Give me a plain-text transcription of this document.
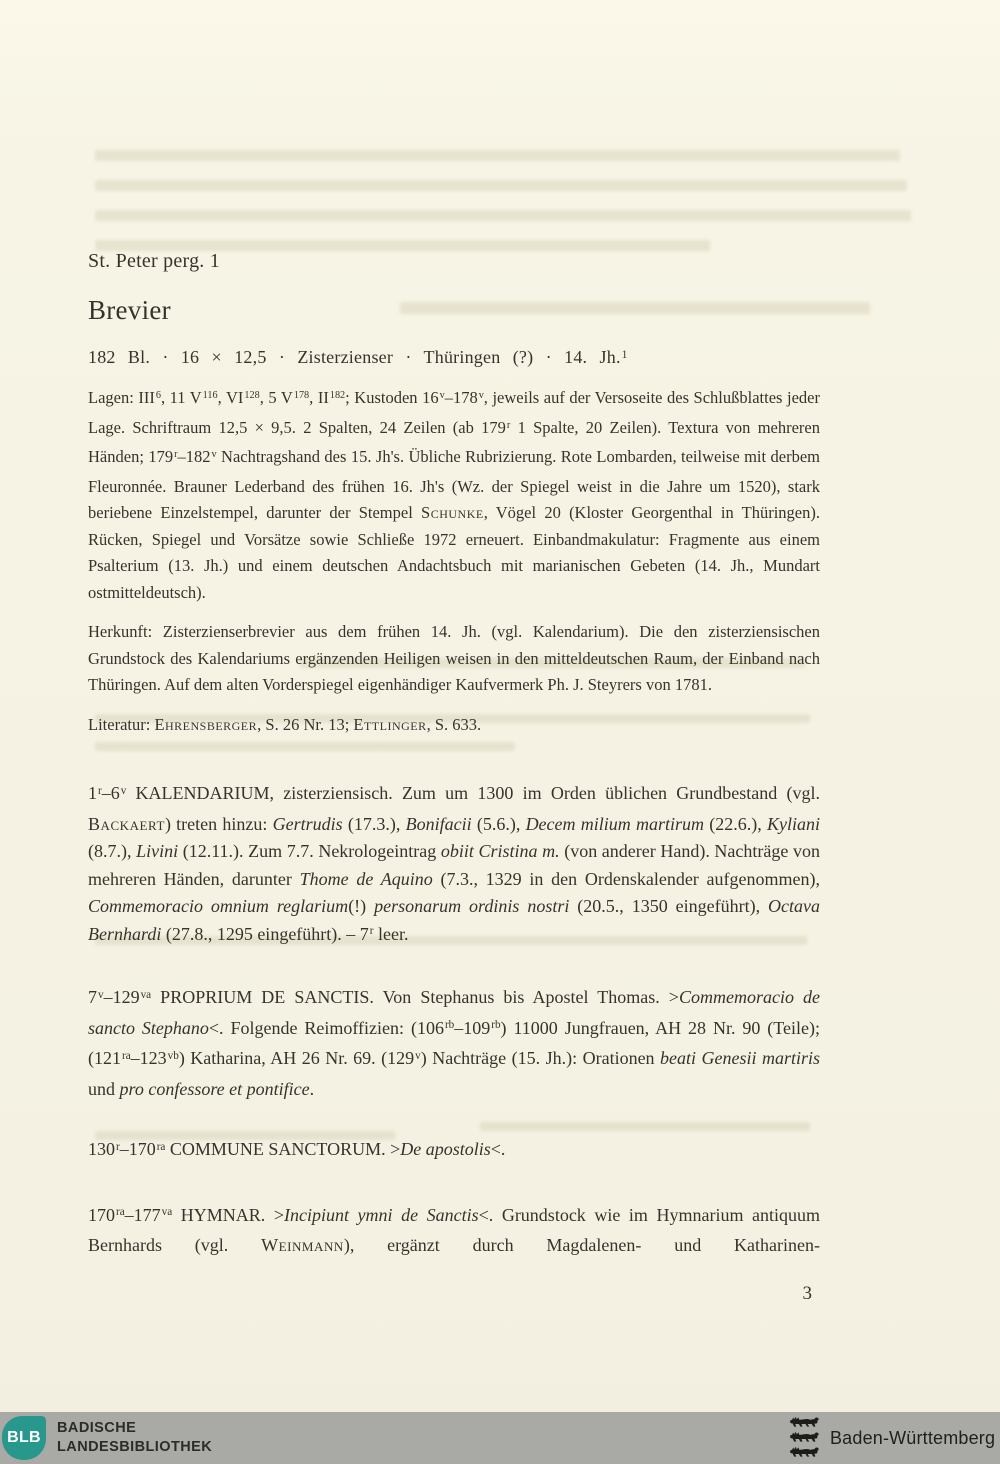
St. Peter perg. 1
Brevier

182 Bl. · 16 × 12,5 · Zisterzienser · Thüringen (?) · 14. Jh.$^1$

Lagen: III$^6$, 11 $V^{116}$, VI$^{128}$, 5 $V^{178}$, II$^{182}$; Kustoden 16$^v$–178$^v$, jeweils auf der Versoseite des Schlußblattes jeder Lage. Schriftraum 12,5 × 9,5. 2 Spalten, 24 Zeilen (ab 179$^r$ 1 Spalte, 20 Zeilen). Textura von mehreren Händen; 179$^r$–182$^v$ Nachtragshand des 15. Jh's. Übliche Rubrizierung. Rote Lombarden, teilweise mit derbem Fleuronnée. Brauner Lederband des frühen 16. Jh's (Wz. der Spiegel weist in die Jahre um 1520), stark beriebene Einzelstempel, darunter der Stempel Schunke, Vögel 20 (Kloster Georgenthal in Thüringen). Rücken, Spiegel und Vorsätze sowie Schließe 1972 erneuert. Einbandmakulatur: Fragmente aus einem Psalterium (13. Jh.) und einem deutschen Andachtsbuch mit marianischen Gebeten (14. Jh., Mundart ostmitteldeutsch).

Herkunft: Zisterzienserbrevier aus dem frühen 14. Jh. (vgl. Kalendarium). Die den zisterziensischen Grundstock des Kalendariums ergänzenden Heiligen weisen in den mitteldeutschen Raum, der Einband nach Thüringen. Auf dem alten Vorderspiegel eigenhändiger Kaufvermerk Ph. J. Steyrers von 1781.

Literatur: Ehrensberger, S. 26 Nr. 13; Ettlinger, S. 633.

1$^r$–6$^v$ KALENDARIUM, zisterziensisch. Zum um 1300 im Orden üblichen Grundbestand (vgl. Backaert) treten hinzu: Gertrudis (17.3.), Bonifacii (5.6.), Decem milium martirum (22.6.), Kyliani (8.7.), Livini (12.11.). Zum 7.7. Nekrologeintrag obiit Cristina m. (von anderer Hand). Nachträge von mehreren Händen, darunter Thome de Aquino (7.3., 1329 in den Ordenskalender aufgenommen), Commemoracio omnium reglarium(!) personarum ordinis nostri (20.5., 1350 eingeführt), Octava Bernhardi (27.8., 1295 eingeführt). – 7$^r$ leer.

$7^v-129^{va}$ PROPRIUM DE SANCTIS. Von Stephanus bis Apostel Thomas. >Commemoracio de sancto Stephano<. Folgende Reimoffizien: $(106^{rb}-109^{rb})$ 11000 Jungfrauen, AH 28 Nr. 90 (Teile); $(121^{ra}-123^{vb})$ Katharina, AH 26 Nr. 69. (129$^v$) Nachträge (15. Jh.): Orationen beati Genesii martiris und pro confessore et pontifice.

$130^r-170^{ra}$ COMMUNE SANCTORUM. >De apostolis<.

$170^{ra}-177^{va}$ HYMNAR. >Incipiunt ymni de Sanctis<. Grundstock wie im Hymnarium antiquum Bernhards (vgl. Weinmann), ergänzt durch Magdalenen- und Katharinen-

3
BLB
BADISCHE
LANDESBIBLIOTHEK	Baden-Württemberg
